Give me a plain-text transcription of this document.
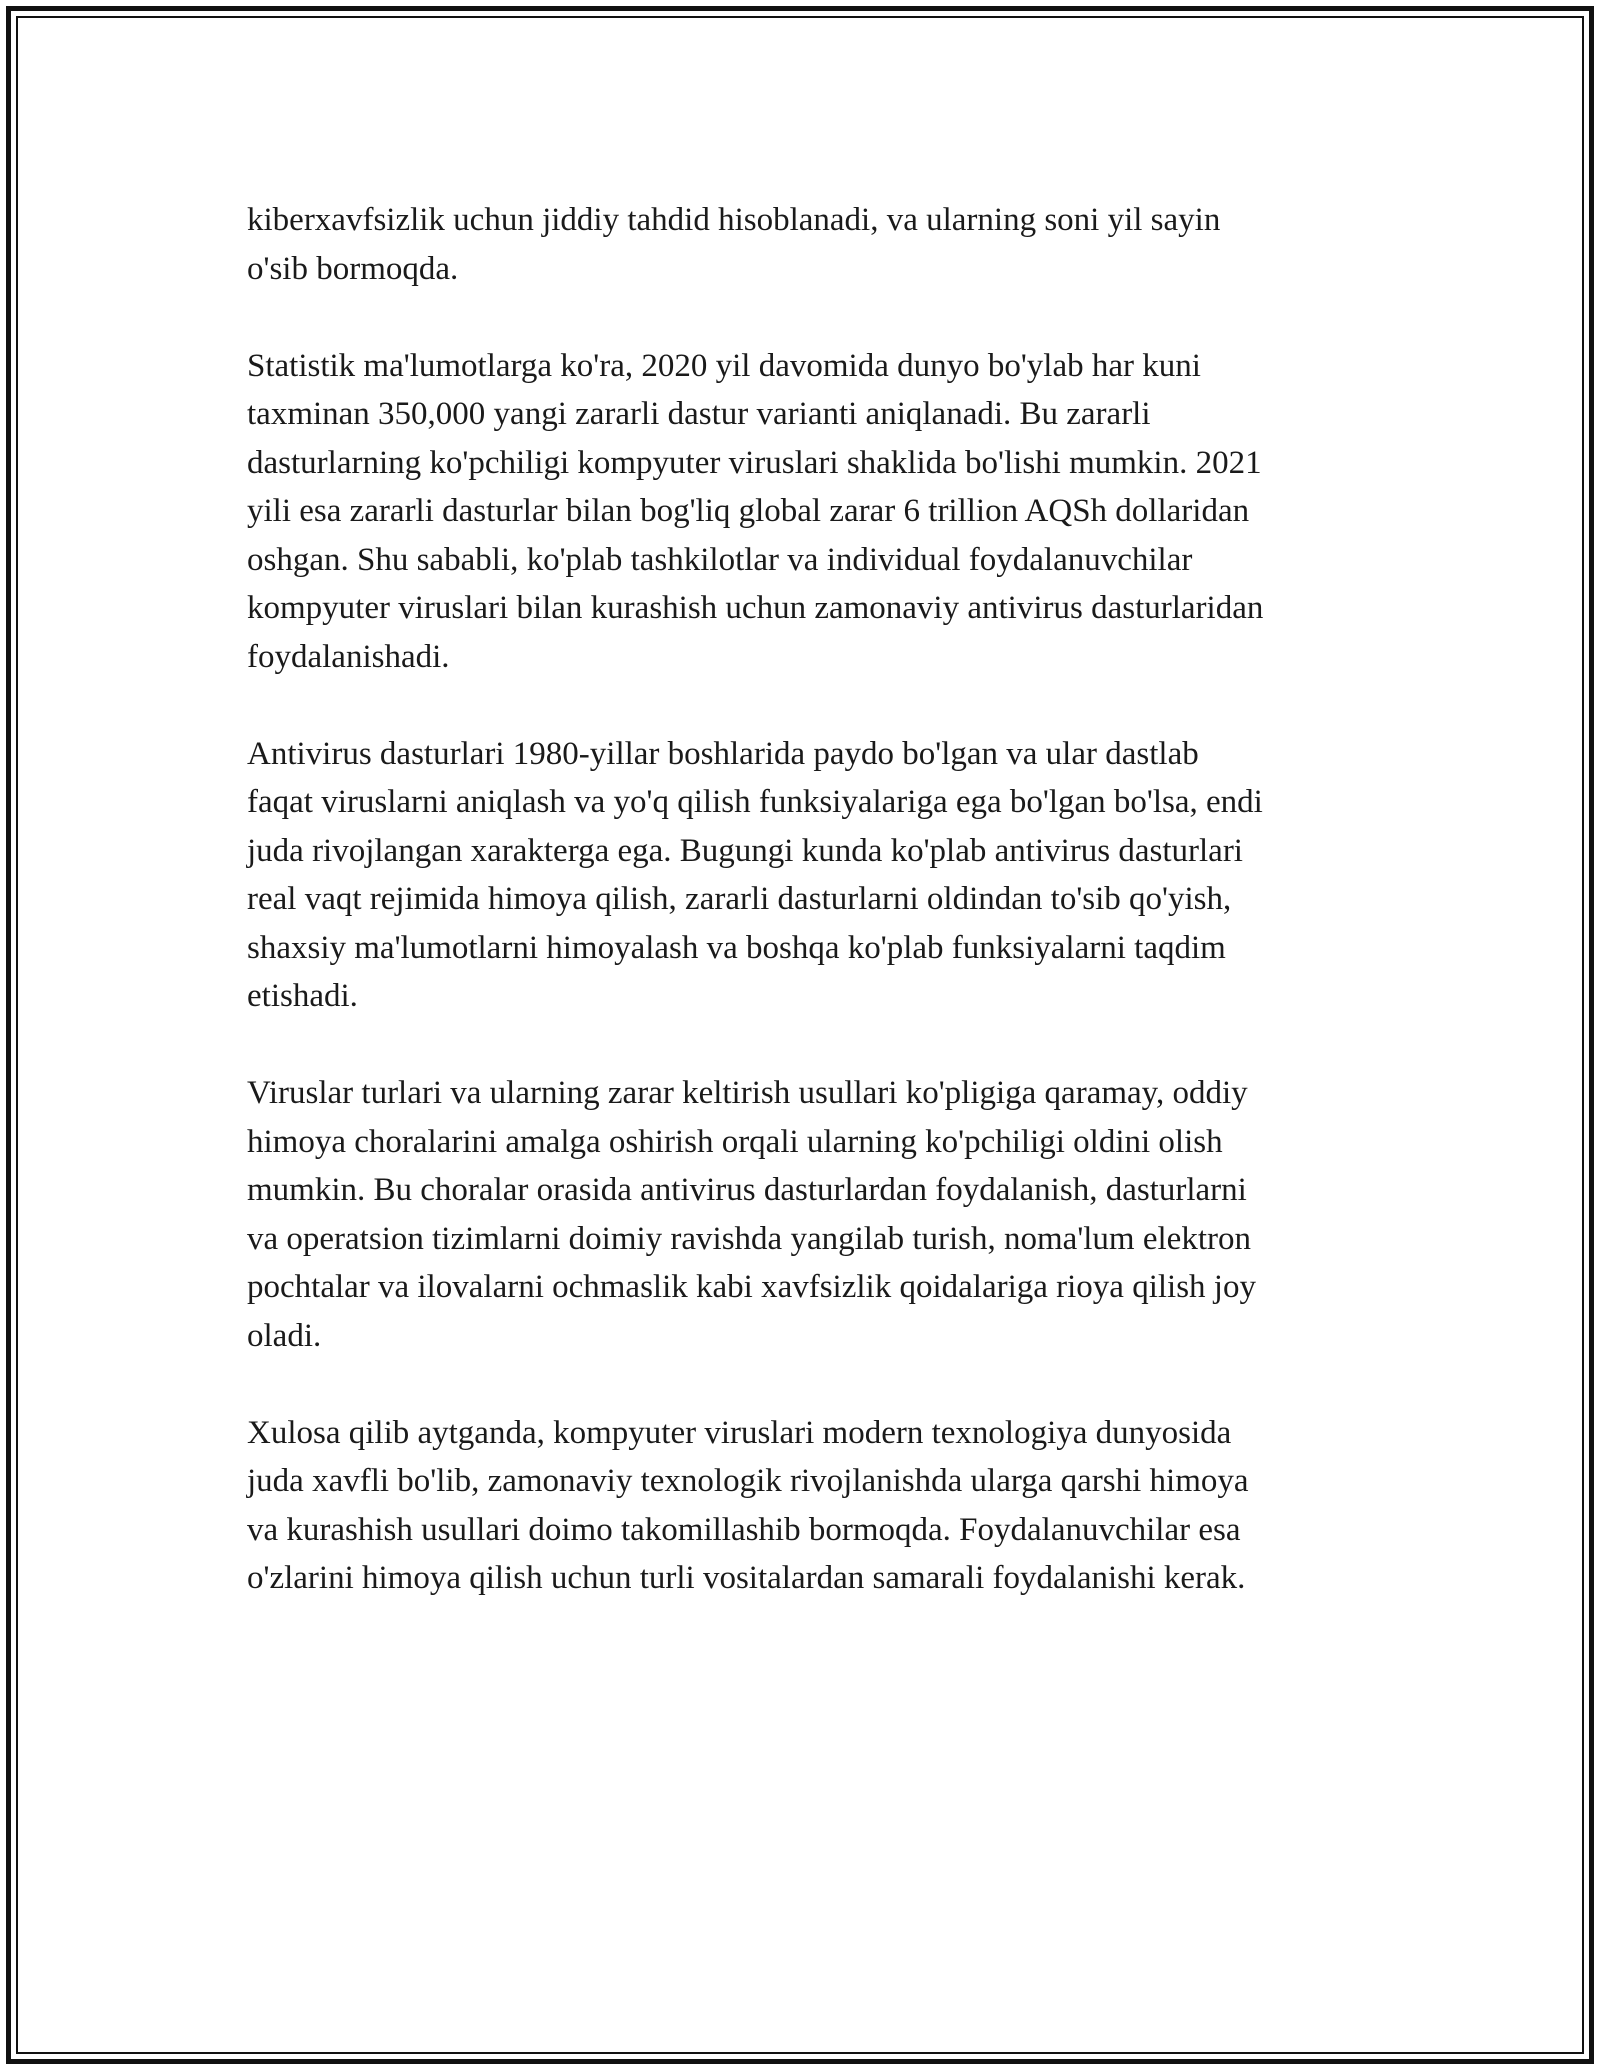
kiberxavfsizlik uchun jiddiy tahdid hisoblanadi, va ularning soni yil sayin
o'sib bormoqda.

Statistik ma'lumotlarga ko'ra, 2020 yil davomida dunyo bo'ylab har kuni
taxminan 350,000 yangi zararli dastur varianti aniqlanadi. Bu zararli
dasturlarning ko'pchiligi kompyuter viruslari shaklida bo'lishi mumkin. 2021
yili esa zararli dasturlar bilan bog'liq global zarar 6 trillion AQSh dollaridan
oshgan. Shu sababli, ko'plab tashkilotlar va individual foydalanuvchilar
kompyuter viruslari bilan kurashish uchun zamonaviy antivirus dasturlaridan
foydalanishadi.

Antivirus dasturlari 1980-yillar boshlarida paydo bo'lgan va ular dastlab
faqat viruslarni aniqlash va yo'q qilish funksiyalariga ega bo'lgan bo'lsa, endi
juda rivojlangan xarakterga ega. Bugungi kunda ko'plab antivirus dasturlari
real vaqt rejimida himoya qilish, zararli dasturlarni oldindan to'sib qo'yish,
shaxsiy ma'lumotlarni himoyalash va boshqa ko'plab funksiyalarni taqdim
etishadi.

Viruslar turlari va ularning zarar keltirish usullari ko'pligiga qaramay, oddiy
himoya choralarini amalga oshirish orqali ularning ko'pchiligi oldini olish
mumkin. Bu choralar orasida antivirus dasturlardan foydalanish, dasturlarni
va operatsion tizimlarni doimiy ravishda yangilab turish, noma'lum elektron
pochtalar va ilovalarni ochmaslik kabi xavfsizlik qoidalariga rioya qilish joy
oladi.

Xulosa qilib aytganda, kompyuter viruslari modern texnologiya dunyosida
juda xavfli bo'lib, zamonaviy texnologik rivojlanishda ularga qarshi himoya
va kurashish usullari doimo takomillashib bormoqda. Foydalanuvchilar esa
o'zlarini himoya qilish uchun turli vositalardan samarali foydalanishi kerak.
